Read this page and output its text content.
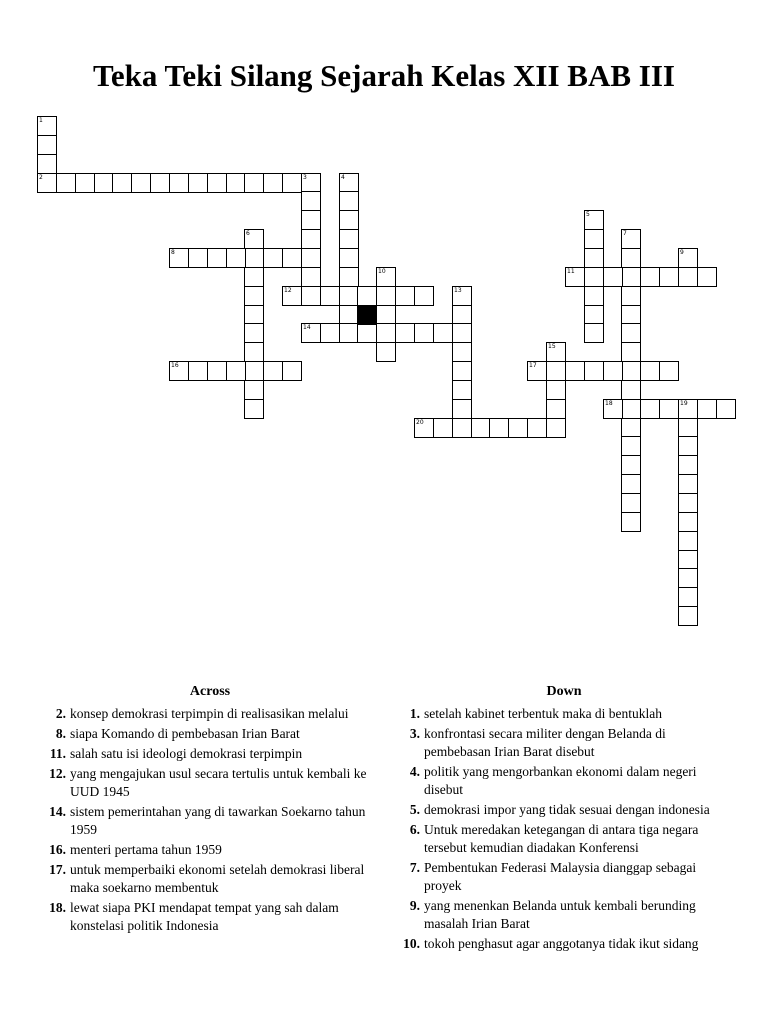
Teka Teki Silang Sejarah Kelas XII BAB III
1
2	3	4
5
6	7
8	9
10	11
12	13
14
15
16	17
18	19
20
Across
2. konsep demokrasi terpimpin di realisasikan melalui
8. siapa Komando di pembebasan Irian Barat
11. salah satu isi ideologi demokrasi terpimpin
12. yang mengajukan usul secara tertulis untuk kembali ke UUD 1945
14. sistem pemerintahan yang di tawarkan Soekarno tahun 1959
16. menteri pertama tahun 1959
17. untuk memperbaiki ekonomi setelah demokrasi liberal maka soekarno membentuk
18. lewat siapa PKI mendapat tempat yang sah dalam konstelasi politik Indonesia
Down
1. setelah kabinet terbentuk maka di bentuklah
3. konfrontasi secara militer dengan Belanda di pembebasan Irian Barat disebut
4. politik yang mengorbankan ekonomi dalam negeri disebut
5. demokrasi impor yang tidak sesuai dengan indonesia
6. Untuk meredakan ketegangan di antara tiga negara tersebut kemudian diadakan Konferensi
7. Pembentukan Federasi Malaysia dianggap sebagai proyek
9. yang menenkan Belanda untuk kembali berunding masalah Irian Barat
10. tokoh penghasut agar anggotanya tidak ikut sidang
